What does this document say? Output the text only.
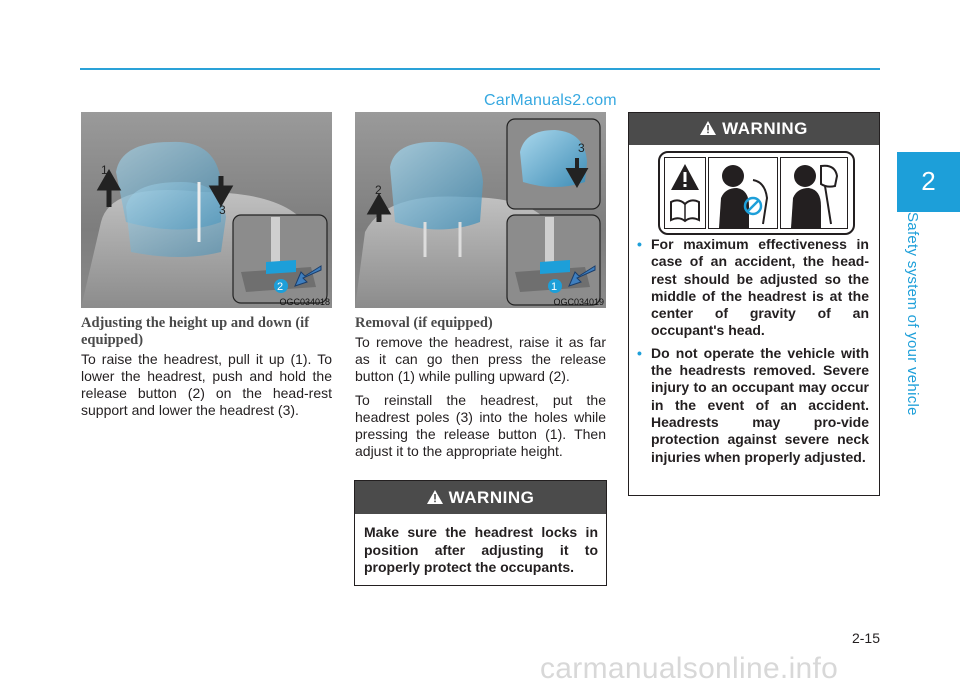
CarManuals2.com
2
Safety system of your vehicle
1
2
3
OGC034018
2
3
1
OGC034019
Adjusting the height up and down (if equipped)
To raise the headrest, pull it up (1). To lower the headrest, push and hold the release button (2) on the head-rest support and lower the headrest (3).
Removal (if equipped)
To remove the headrest, raise it as far as it can go then press the release button (1) while pulling upward (2).
To reinstall the headrest, put the headrest poles (3) into the holes while pressing the release button (1). Then adjust it to the appropriate height.
WARNING
Make sure the headrest locks in position after adjusting it to properly protect the occupants.
WARNING
• For maximum effectiveness in case of an accident, the head-rest should be adjusted so the middle of the headrest is at the center of gravity of an occupant's head.
• Do not operate the vehicle with the headrests removed. Severe injury to an occupant may occur in the event of an accident. Headrests may pro-vide protection against severe neck injuries when properly adjusted.
2-15
carmanualsonline.info
